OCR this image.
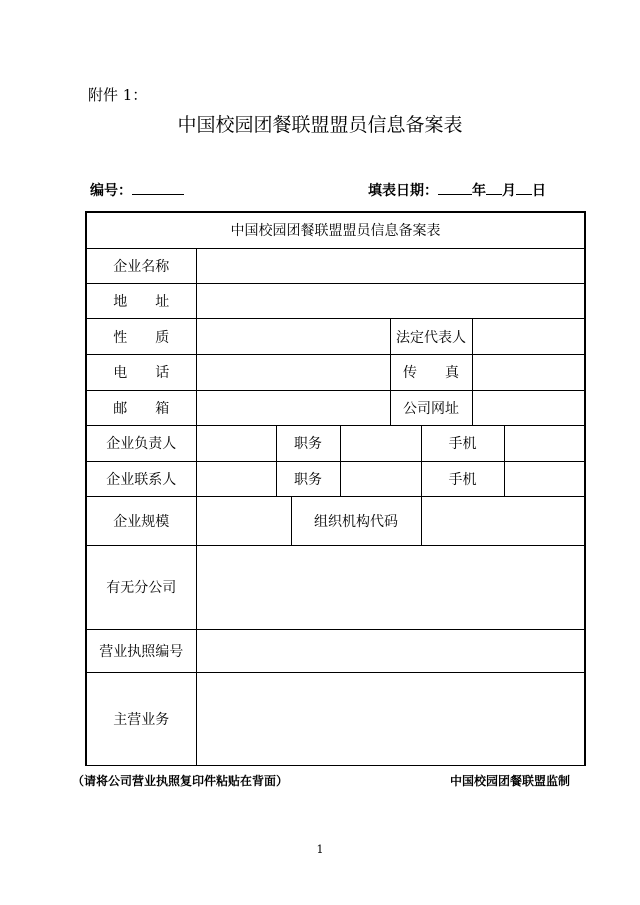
附件 1：
中国校园团餐联盟盟员信息备案表
编号：	填表日期： 年 月 日
中国校园团餐联盟盟员信息备案表								
企业名称								
地　　址								
性　　质					法定代表人			
电　　话					传　　真			
邮　　箱					公司网址			
企业负责人		职务				手机		
企业联系人		职务				手机		
企业规模			组织机构代码					
有无分公司								
营业执照编号								
主营业务								
（请将公司营业执照复印件粘贴在背面）	中国校园团餐联盟监制
1
